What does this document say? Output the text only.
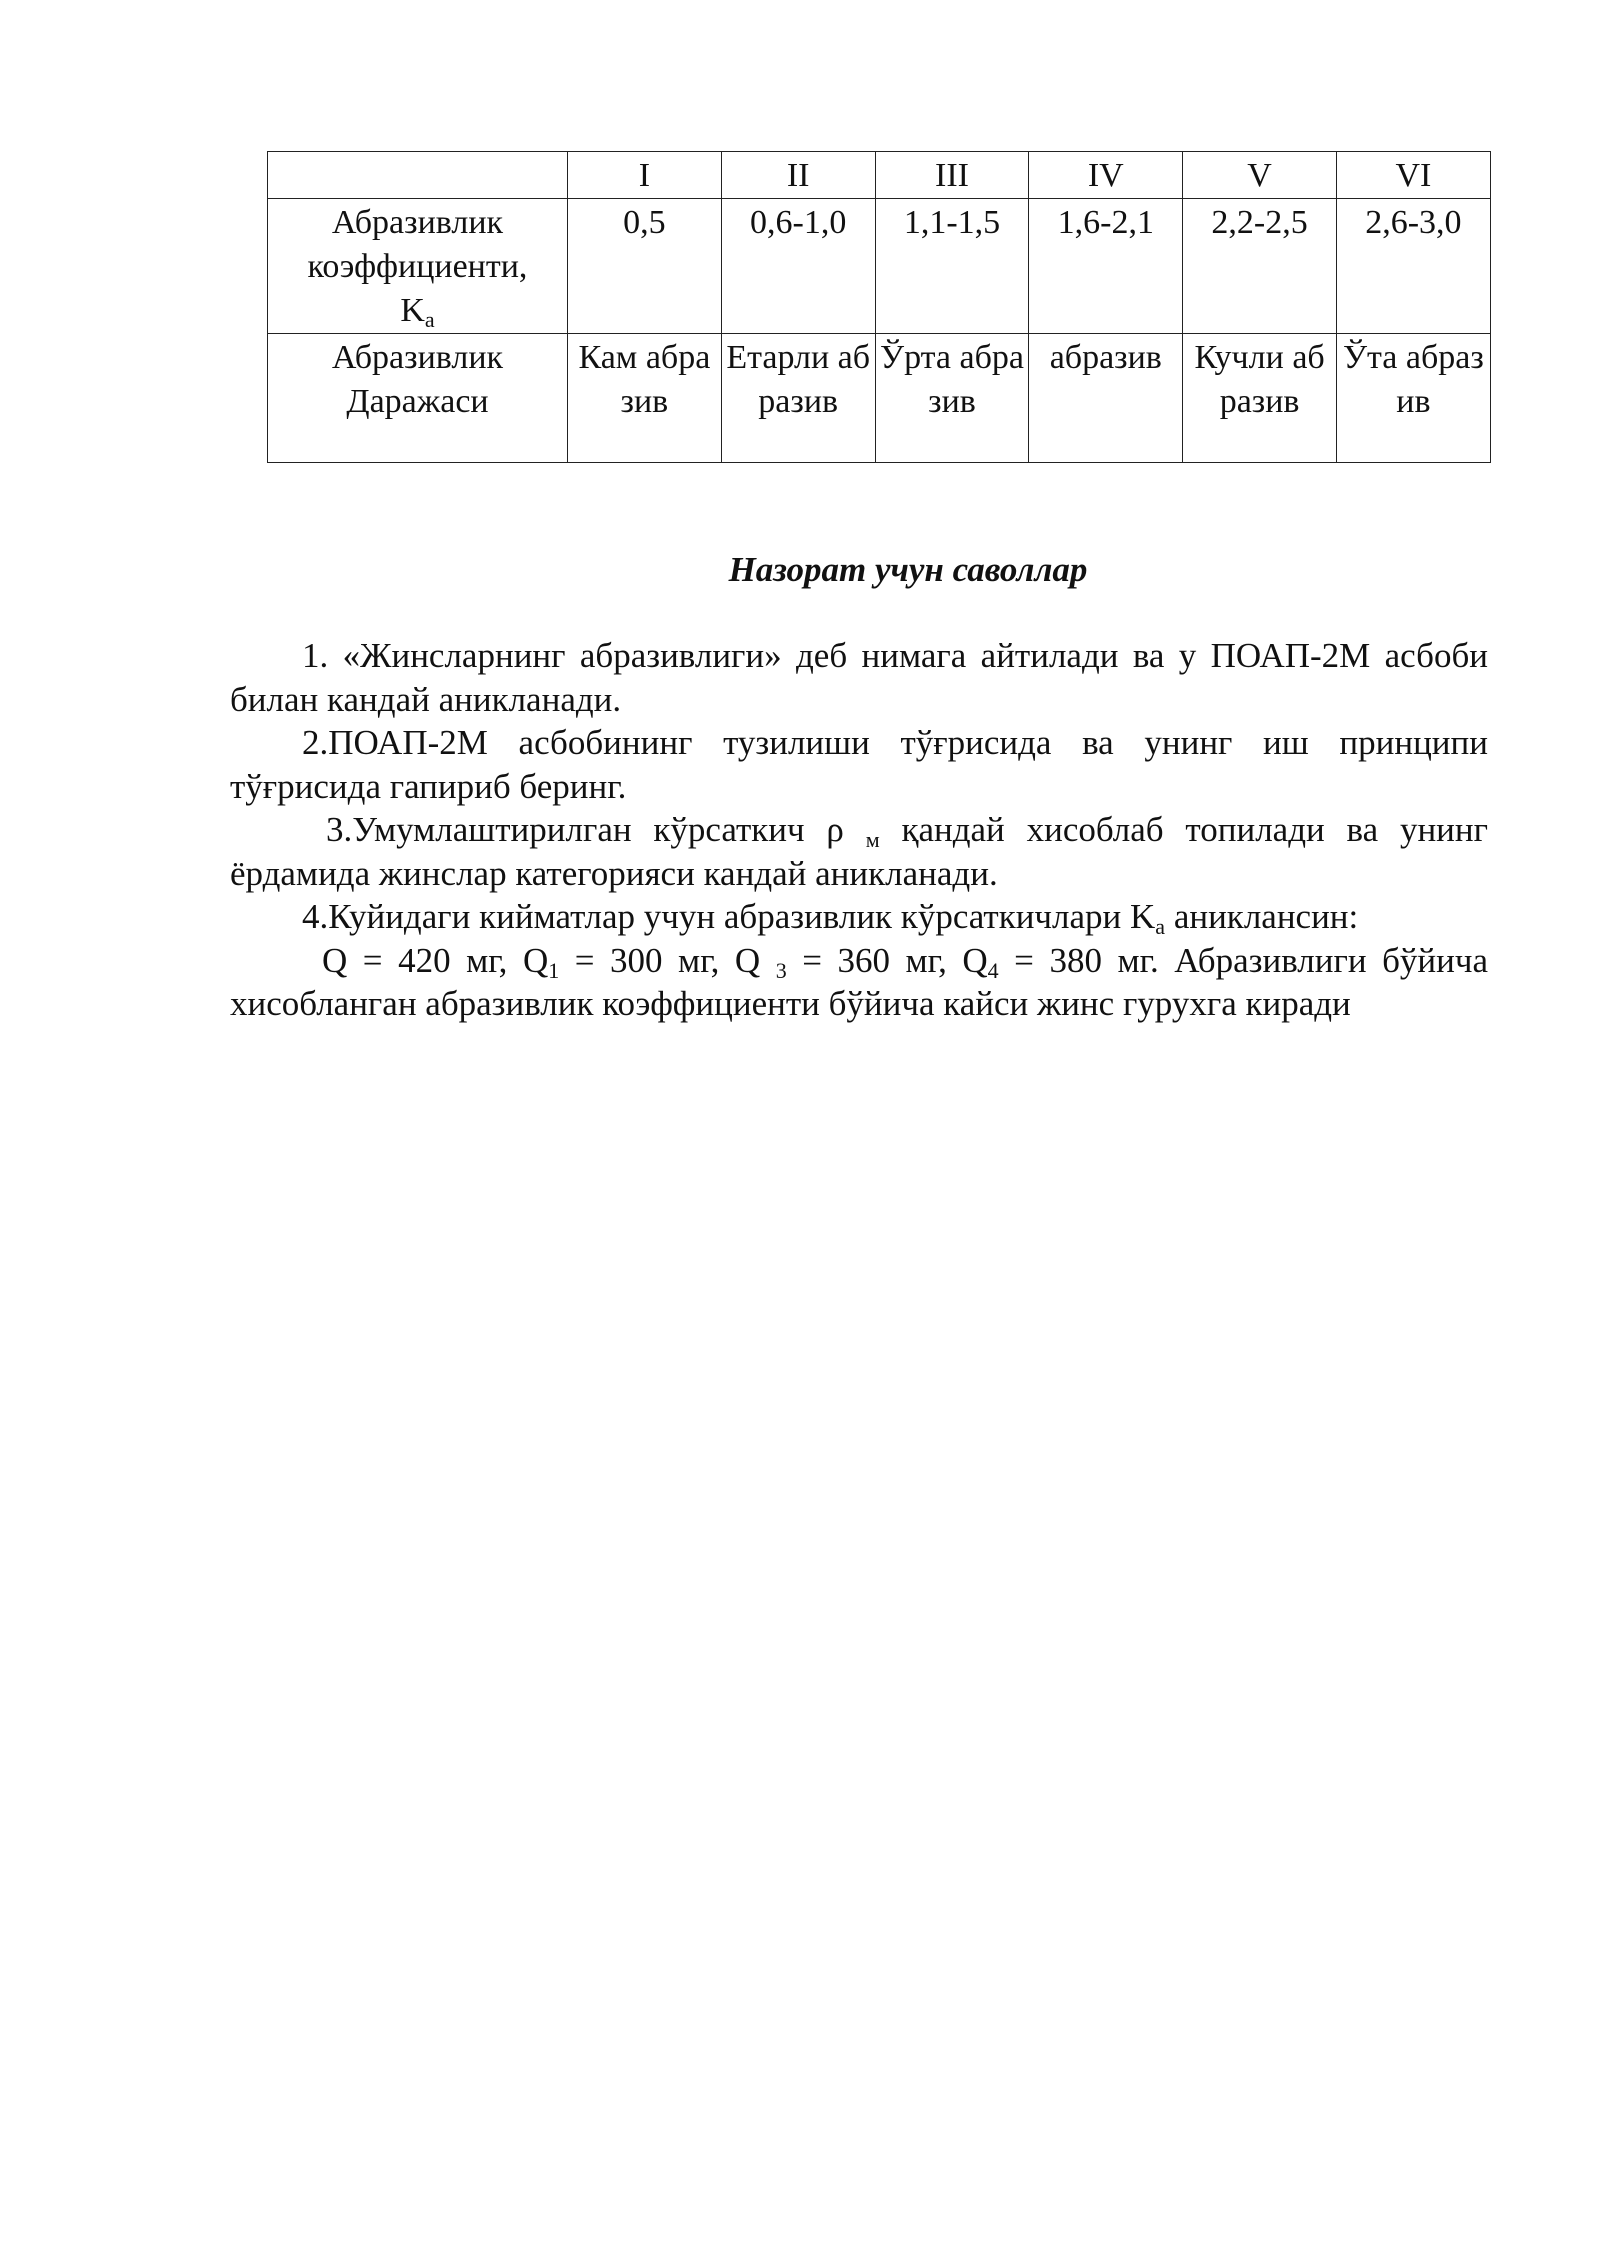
	I	II	III	IV	V	VI
Абразивлик
коэффициенти,
$K_а$	0,5	0,6-1,0	1,1-1,5	1,6-2,1	2,2-2,5	2,6-3,0
Абразивлик
Даражаси	Кам абразив	Етарли абразив	Ўрта абразив	абразив	Кучли абразив	Ўта абразив
Назорат учун саволлар

1. «Жинсларнинг абразивлиги» деб нимага айтилади ва у ПОАП-2М асбоби билан кандай аникланади.

2.ПОАП-2М асбобининг тузилиши тўғрисида ва унинг иш принципи тўғрисида гапириб беринг.

3.Умумлаштирилган кўрсаткич ρ $_м$ қандай хисоблаб топилади ва унинг ёрдамида жинслар категорияси кандай аникланади.

4.Куйидаги кийматлар учун абразивлик кўрсаткичлари $K_а$ аниклансин:

Q = 420 мг, $Q_1 = 300$ мг, Q $_3$ = 360 мг, $Q_4 = 380$ мг. Абразивлиги бўйича хисобланган абразивлик коэффициенти бўйича кайси жинс гурухга киради
